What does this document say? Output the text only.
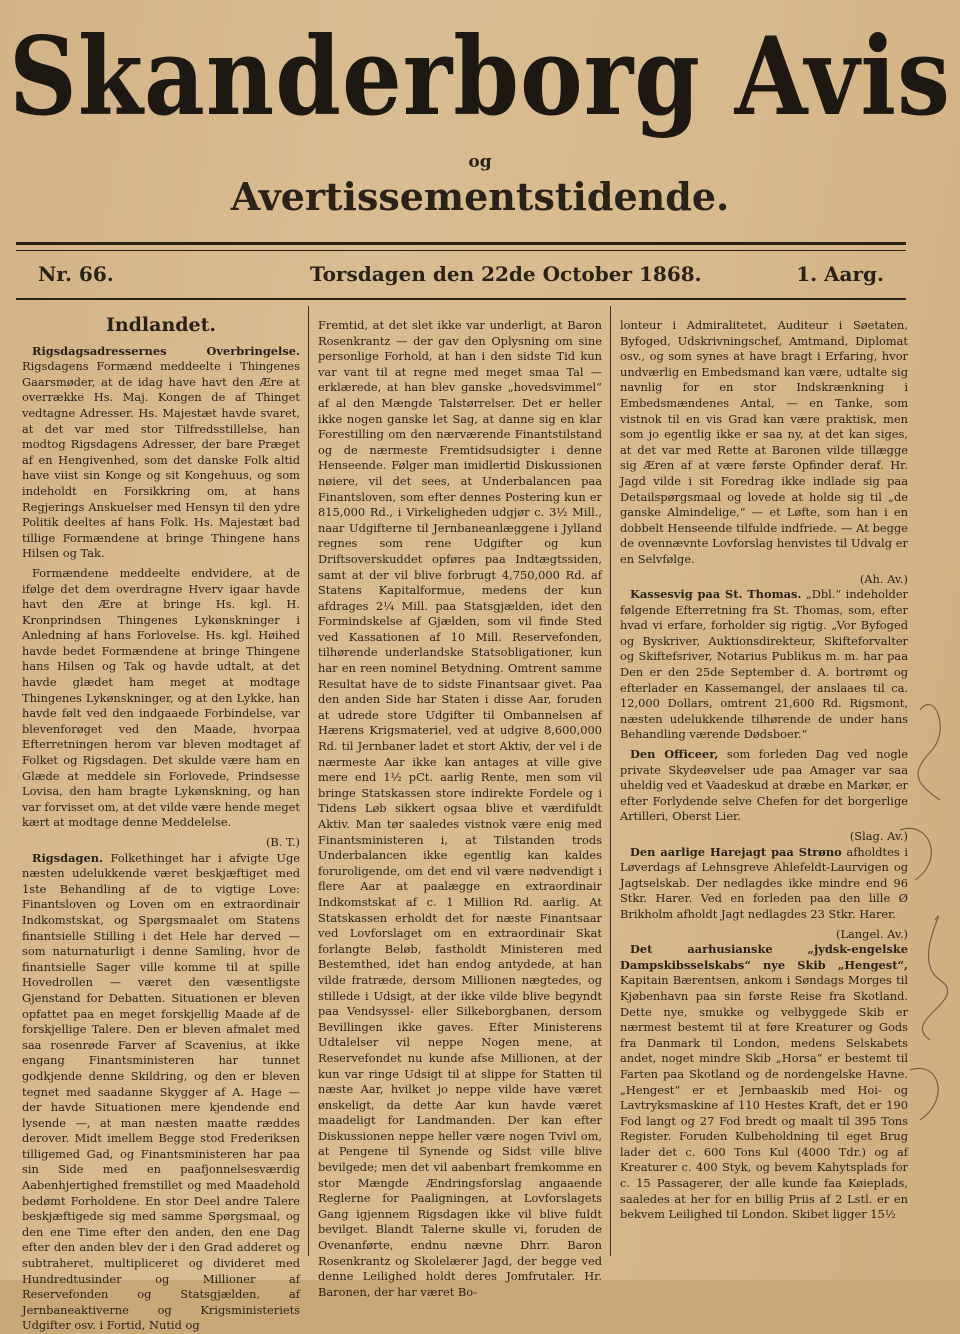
Skanderborg Avis
og
Avertissementstidende.
Nr. 66.	Torsdagen den 22de October 1868.	1. Aarg.
Indlandet.

Rigsdagsadressernes Overbringelse. Rigsdagens Formænd meddeelte i Thingenes Gaarsmøder, at de idag have havt den Ære at overrække Hs. Maj. Kongen de af Thinget vedtagne Adresser. Hs. Majestæt havde svaret, at det var med stor Tilfredsstillelse, han modtog Rigsdagens Adresser, der bare Præget af en Hengivenhed, som det danske Folk altid have viist sin Konge og sit Kongehuus, og som indeholdt en Forsikkring om, at hans Regjerings Anskuelser med Hensyn til den ydre Politik deeltes af hans Folk. Hs. Majestæt bad tillige Formændene at bringe Thingene hans Hilsen og Tak.

Formændene meddeelte endvidere, at de ifølge det dem overdragne Hverv igaar havde havt den Ære at bringe Hs. kgl. H. Kronprindsen Thingenes Lykønskninger i Anledning af hans Forlovelse. Hs. kgl. Høihed havde bedet Formændene at bringe Thingene hans Hilsen og Tak og havde udtalt, at det havde glædet ham meget at modtage Thingenes Lykønskninger, og at den Lykke, han havde følt ved den indgaaede Forbindelse, var blevenforøget ved den Maade, hvorpaa Efterretningen herom var bleven modtaget af Folket og Rigsdagen. Det skulde være ham en Glæde at meddele sin Forlovede, Prindsesse Lovisa, den ham bragte Lykønskning, og han var forvisset om, at det vilde være hende meget kært at modtage denne Meddelelse.

(B. T.)

Rigsdagen. Folkethinget har i afvigte Uge næsten udelukkende været beskjæftiget med 1ste Behandling af de to vigtige Love: Finantsloven og Loven om en extraordinair Indkomstskat, og Spørgsmaalet om Statens finantsielle Stilling i det Hele har derved — som naturnaturligt i denne Samling, hvor de finantsielle Sager ville komme til at spille Hovedrollen — været den væsentligste Gjenstand for Debatten. Situationen er bleven opfattet paa en meget forskjellig Maade af de forskjellige Talere. Den er bleven afmalet med saa rosenrøde Farver af Scavenius, at ikke engang Finantsministeren har tunnet godkjende denne Skildring, og den er bleven tegnet med saadanne Skygger af A. Hage — der havde Situationen mere kjendende end lysende —, at man næsten maatte ræddes derover. Midt imellem Begge stod Frederiksen tilligemed Gad, og Finantsministeren har paa sin Side med en paafjonnelsesværdig Aabenhjertighed fremstillet og med Maadehold bedømt Forholdene. En stor Deel andre Talere beskjæftigede sig med samme Spørgsmaal, og den ene Time efter den anden, den ene Dag efter den anden blev der i den Grad adderet og subtraheret, multipliceret og divideret med Hundredtusinder og Millioner af Reservefonden og Statsgjælden, af Jernbaneaktiverne og Krigsministeriets Udgifter osv. i Fortid, Nutid og

Fremtid, at det slet ikke var underligt, at Baron Rosenkrantz — der gav den Oplysning om sine personlige Forhold, at han i den sidste Tid kun var vant til at regne med meget smaa Tal — erklærede, at han blev ganske „hovedsvimmel“ af al den Mængde Talstørrelser. Det er heller ikke nogen ganske let Sag, at danne sig en klar Forestilling om den nærværende Finantstilstand og de nærmeste Fremtidsudsigter i denne Henseende. Følger man imidlertid Diskussionen nøiere, vil det sees, at Underbalancen paa Finantsloven, som efter dennes Postering kun er 815,000 Rd., i Virkeligheden udgjør c. 3½ Mill., naar Udgifterne til Jernbaneanlæggene i Jylland regnes som rene Udgifter og kun Driftsoverskuddet opføres paa Indtægtssiden, samt at der vil blive forbrugt 4,750,000 Rd. af Statens Kapitalformue, medens der kun afdrages 2¼ Mill. paa Statsgjælden, idet den Formindskelse af Gjælden, som vil finde Sted ved Kassationen af 10 Mill. Reservefonden, tilhørende underlandske Statsobligationer, kun har en reen nominel Betydning. Omtrent samme Resultat have de to sidste Finantsaar givet. Paa den anden Side har Staten i disse Aar, foruden at udrede store Udgifter til Ombannelsen af Hærens Krigsmateriel, ved at udgive 8,600,000 Rd. til Jernbaner ladet et stort Aktiv, der vel i de nærmeste Aar ikke kan antages at ville give mere end 1½ pCt. aarlig Rente, men som vil bringe Statskassen store indirekte Fordele og i Tidens Løb sikkert ogsaa blive et værdifuldt Aktiv. Man tør saaledes vistnok være enig med Finantsministeren i, at Tilstanden trods Underbalancen ikke egentlig kan kaldes foruroligende, om det end vil være nødvendigt i flere Aar at paalægge en extraordinair Indkomstskat af c. 1 Million Rd. aarlig. At Statskassen erholdt det for næste Finantsaar ved Lovforslaget om en extraordinair Skat forlangte Beløb, fastholdt Ministeren med Bestemthed, idet han endog antydede, at han vilde fratræde, dersom Millionen nægtedes, og stillede i Udsigt, at der ikke vilde blive begyndt paa Vendsyssel- eller Silkeborgbanen, dersom Bevillingen ikke gaves. Efter Ministerens Udtalelser vil neppe Nogen mene, at Reservefondet nu kunde afse Millionen, at der kun var ringe Udsigt til at slippe for Statten til næste Aar, hvilket jo neppe vilde have været ønskeligt, da dette Aar kun havde været maadeligt for Landmanden. Der kan efter Diskussionen neppe heller være nogen Tvivl om, at Pengene til Synende og Sidst ville blive bevilgede; men det vil aabenbart fremkomme en stor Mængde Ændringsforslag angaaende Reglerne for Paaligningen, at Lovforslagets Gang igjennem Rigsdagen ikke vil blive fuldt bevilget. Blandt Talerne skulle vi, foruden de Ovenanførte, endnu nævne Dhrr. Baron Rosenkrantz og Skolelærer Jagd, der begge ved denne Leilighed holdt deres Jomfrutaler. Hr. Baronen, der har været Bo-

lonteur i Admiralitetet, Auditeur i Søetaten, Byfoged, Udskrivningschef, Amtmand, Diplomat osv., og som synes at have bragt i Erfaring, hvor undværlig en Embedsmand kan være, udtalte sig navnlig for en stor Indskrænkning i Embedsmændenes Antal, — en Tanke, som vistnok til en vis Grad kan være praktisk, men som jo egentlig ikke er saa ny, at det kan siges, at det var med Rette at Baronen vilde tillægge sig Æren af at være første Opfinder deraf. Hr. Jagd vilde i sit Foredrag ikke indlade sig paa Detailspørgsmaal og lovede at holde sig til „de ganske Almindelige,“ — et Løfte, som han i en dobbelt Henseende tilfulde indfriede. — At begge de ovennævnte Lovforslag henvistes til Udvalg er en Selvfølge.

(Ah. Av.)

Kassesvig paa St. Thomas. „Dbl.“ indeholder følgende Efterretning fra St. Thomas, som, efter hvad vi erfare, forholder sig rigtig. „Vor Byfoged og Byskriver, Auktionsdirekteur, Skifteforvalter og Skiftefsriver, Notarius Publikus m. m. har paa Den er den 25de September d. A. bortrømt og efterlader en Kassemangel, der anslaaes til ca. 12,000 Dollars, omtrent 21,600 Rd. Rigsmont, næsten udelukkende tilhørende de under hans Behandling værende Dødsboer.“

Den Officeer, som forleden Dag ved nogle private Skydeøvelser ude paa Amager var saa uheldig ved et Vaadeskud at dræbe en Markør, er efter Forlydende selve Chefen for det borgerlige Artilleri, Oberst Lier.

(Slag. Av.)

Den aarlige Harejagt paa Strøno afholdtes i Løverdags af Lehnsgreve Ahlefeldt-Laurvigen og Jagtselskab. Der nedlagdes ikke mindre end 96 Stkr. Harer. Ved en forleden paa den lille Ø Brikholm afholdt Jagt nedlagdes 23 Stkr. Harer.

(Langel. Av.)

Det aarhusianske „jydsk-engelske Dampskibsselskabs“ nye Skib „Hengest“, Kapitain Bærentsen, ankom i Søndags Morges til Kjøbenhavn paa sin første Reise fra Skotland. Dette nye, smukke og velbyggede Skib er nærmest bestemt til at føre Kreaturer og Gods fra Danmark til London, medens Selskabets andet, noget mindre Skib „Horsa“ er bestemt til Farten paa Skotland og de nordengelske Havne. „Hengest“ er et Jernbaaskib med Hoi- og Lavtryksmaskine af 110 Hestes Kraft, det er 190 Fod langt og 27 Fod bredt og maalt til 395 Tons Register. Foruden Kulbeholdning til eget Brug lader det c. 600 Tons Kul (4000 Tdr.) og af Kreaturer c. 400 Styk, og bevem Kahytsplads for c. 15 Passagerer, der alle kunde faa Køieplads, saaledes at her for en billig Priis af 2 Lstl. er en bekvem Leilighed til London. Skibet ligger 15½
